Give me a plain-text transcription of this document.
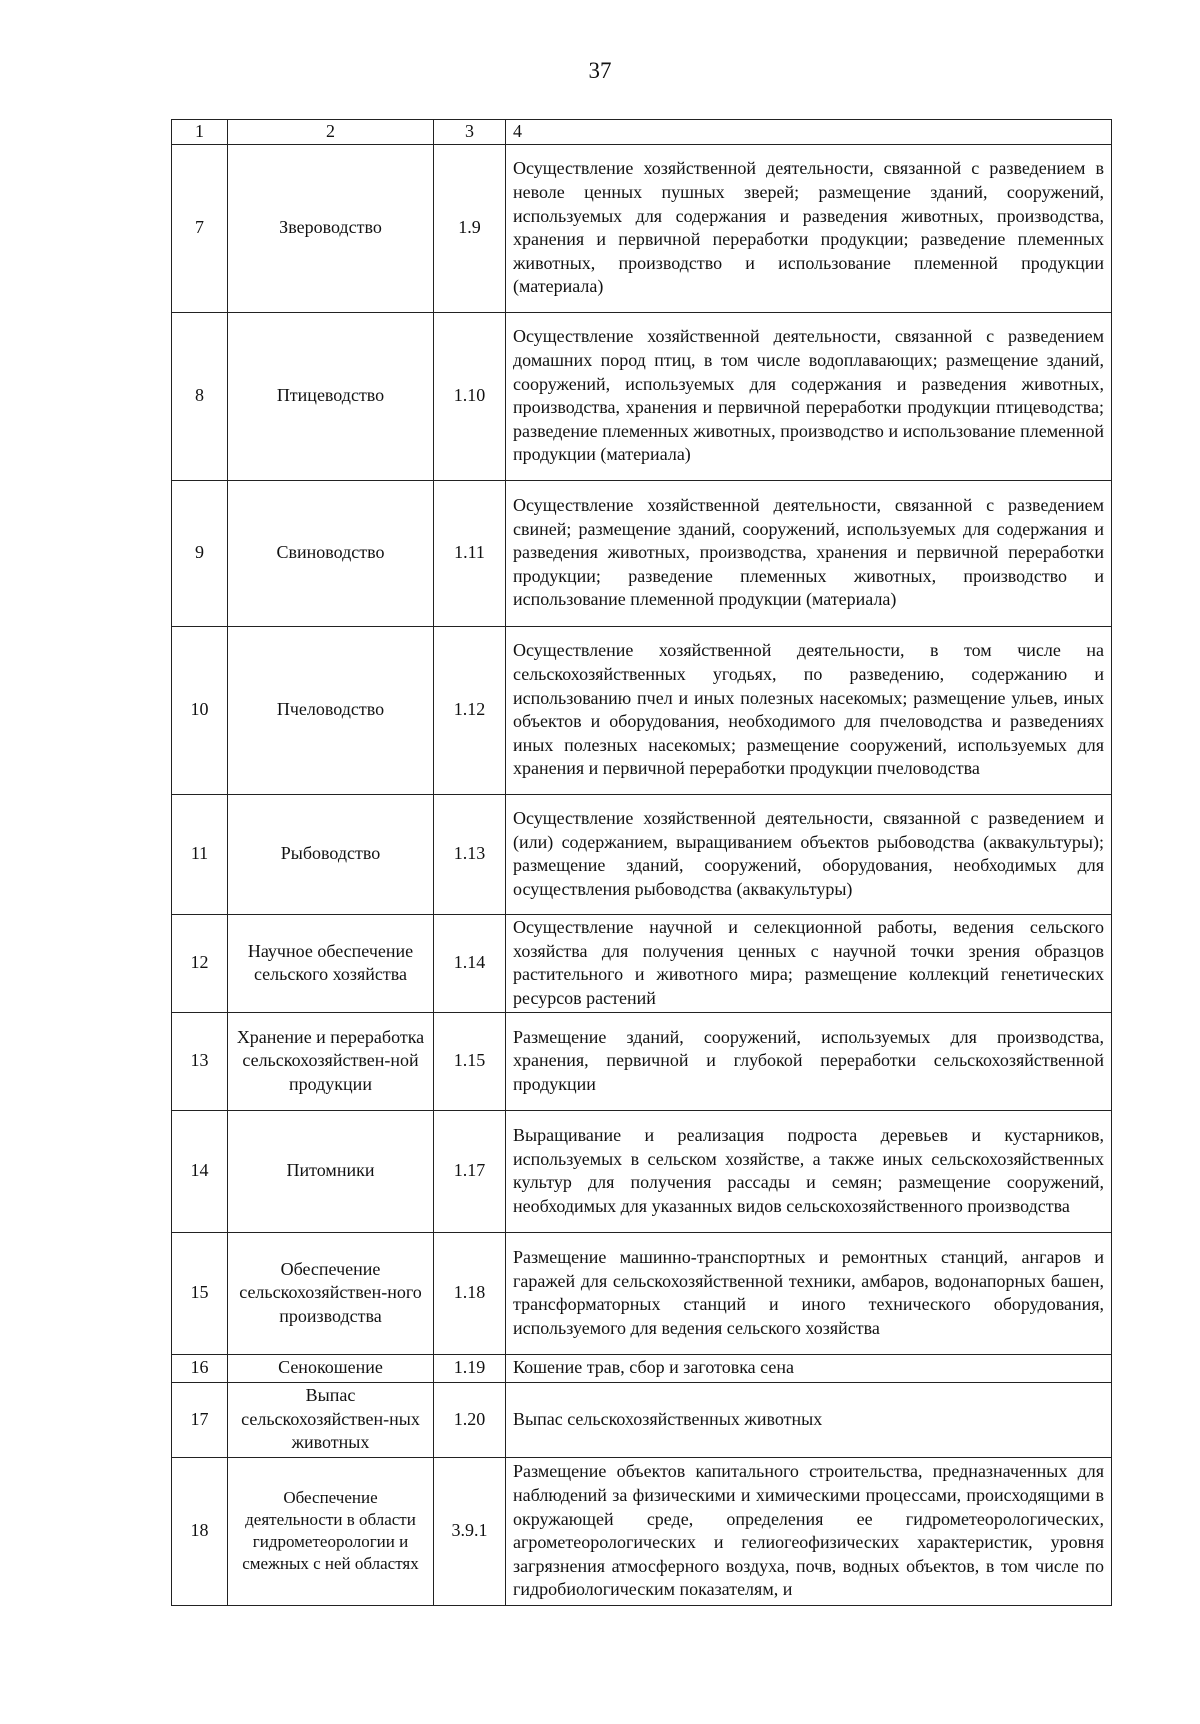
37
1	2	3	4
7	Звероводство	1.9	Осуществление хозяйственной деятельности, связанной с разведением в неволе ценных пушных зверей; размещение зданий, сооружений, используемых для содержания и разведения животных, производства, хранения и первичной переработки продукции; разведение племенных животных, производство и использование племенной продукции (материала)
8	Птицеводство	1.10	Осуществление хозяйственной деятельности, связанной с разведением домашних пород птиц, в том числе водоплавающих; размещение зданий, сооружений, используемых для содержания и разведения животных, производства, хранения и первичной переработки продукции птицеводства; разведение племенных животных, производство и использование племенной продукции (материала)
9	Свиноводство	1.11	Осуществление хозяйственной деятельности, связанной с разведением свиней; размещение зданий, сооружений, используемых для содержания и разведения животных, производства, хранения и первичной переработки продукции; разведение племенных животных, производство и использование племенной продукции (материала)
10	Пчеловодство	1.12	Осуществление хозяйственной деятельности, в том числе на сельскохозяйственных угодьях, по разведению, содержанию и использованию пчел и иных полезных насекомых; размещение ульев, иных объектов и оборудования, необходимого для пчеловодства и разведениях иных полезных насекомых; размещение сооружений, используемых для хранения и первичной переработки продукции пчеловодства
11	Рыбоводство	1.13	Осуществление хозяйственной деятельности, связанной с разведением и (или) содержанием, выращиванием объектов рыбоводства (аквакультуры); размещение зданий, сооружений, оборудования, необходимых для осуществления рыбоводства (аквакультуры)
12	Научное обеспечение сельского хозяйства	1.14	Осуществление научной и селекционной работы, ведения сельского хозяйства для получения ценных с научной точки зрения образцов растительного и животного мира; размещение коллекций генетических ресурсов растений
13	Хранение и переработка сельскохозяйствен-ной продукции	1.15	Размещение зданий, сооружений, используемых для производства, хранения, первичной и глубокой переработки сельскохозяйственной продукции
14	Питомники	1.17	Выращивание и реализация подроста деревьев и кустарников, используемых в сельском хозяйстве, а также иных сельскохозяйственных культур для получения рассады и семян; размещение сооружений, необходимых для указанных видов сельскохозяйственного производства
15	Обеспечение сельскохозяйствен-ного производства	1.18	Размещение машинно-транспортных и ремонтных станций, ангаров и гаражей для сельскохозяйственной техники, амбаров, водонапорных башен, трансформаторных станций и иного технического оборудования, используемого для ведения сельского хозяйства
16	Сенокошение	1.19	Кошение трав, сбор и заготовка сена
17	Выпас сельскохозяйствен-ных животных	1.20	Выпас сельскохозяйственных животных
18	Обеспечение деятельности в области гидрометеорологии и смежных с ней областях	3.9.1	Размещение объектов капитального строительства, предназначенных для наблюдений за физическими и химическими процессами, происходящими в окружающей среде, определения ее гидрометеорологических, агрометеорологических и гелиогеофизических характеристик, уровня загрязнения атмосферного воздуха, почв, водных объектов, в том числе по гидробиологическим показателям, и
